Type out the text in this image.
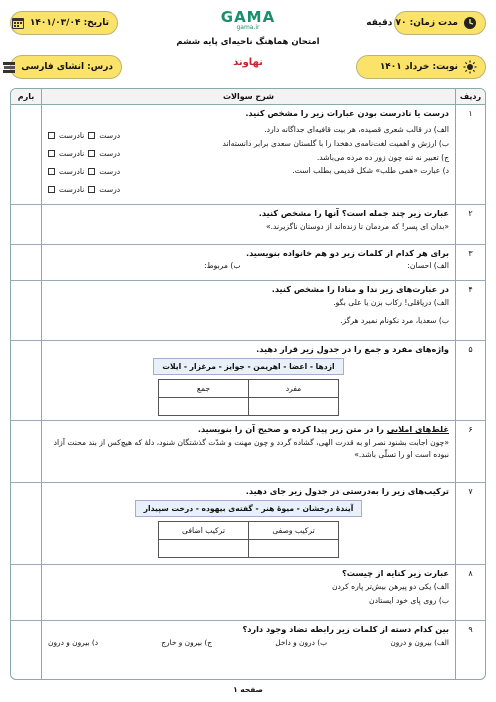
مدت زمان: ۷۰ دقیقه
تاریخ: ۱۴۰۱/۰۳/۰۴	GAMA
gama.ir
امتحان هماهنگ ناحیه‌ای پایه ششم
نهاوند	نوبت: خرداد ۱۴۰۱
درس: انشای فارسی
ردیف
شرح سوالات
بارم
۱
درست یا نادرست بودن عبارات زیر را مشخص کنید.
الف) در قالب شعری قصیده، هر بیت قافیه‌ای جداگانه دارد.
ب) ارزش و اهمیت لغت‌نامه‌ی دهخدا را با گلستان سعدی برابر دانسته‌اند
ج) تعبیر نه تنه چون زور ده مرده می‌باشد.
د) عبارت «همی طلب» شکل قدیمی بطلب است.
درست
نادرست
درست
نادرست
درست
نادرست
درست
نادرست
۲
عبارت زیر چند جمله است؟ آنها را مشخص کنید.
«بدان ای پسر! که مردمان تا زنده‌اند از دوستان ناگزیرند.»
۳
برای هر کدام از کلمات زیر دو هم خانواده بنویسید.
الف) احسان:
ب) مربوط:
۴
در عبارت‌های زیر ندا و منادا را مشخص کنید.
الف) دریاقلی! رکاب بزن یا علی بگو.
ب) سعدیا، مرد نکونام نمیرد هرگز.
۵
واژه‌های مفرد و جمع را در جدول زیر قرار دهید.
ازدها - اعضا - اهریمن - جوایز - مرغزار - ایلات
مفرد	جمع

۶
غلط‌های املایی را در متن زیر پیدا کرده و صحیح آن را بنویسید.
«چون اجابت بشنود نصر او به قدرت الهی، گشاده گردد و چون مهنت و شدّت گذشتگان شنود، دلهٔ که هیچ‌کس از بند محنت آزاد نبوده است او را تسلّی باشد.»
۷
ترکیب‌های زیر را به‌درستی در جدول زیر جای دهید.
آیندهٔ درخشان - میوهٔ هنر - گفته‌ی بیهوده - درخت سپیدار
ترکیب وصفی	ترکیب اضافی

۸
عبارت زیر کنایه از چیست؟
الف) یکی دو پیرهن بیش‌تر پاره کردن
ب) روی پای خود ایستادن
۹
بین کدام دسته از کلمات زیر رابطه تضاد وجود دارد؟
الف) بیرون و درون
ب) درون و داخل
ج) بیرون و خارج
د) بیرون و درون
صفحه ۱
